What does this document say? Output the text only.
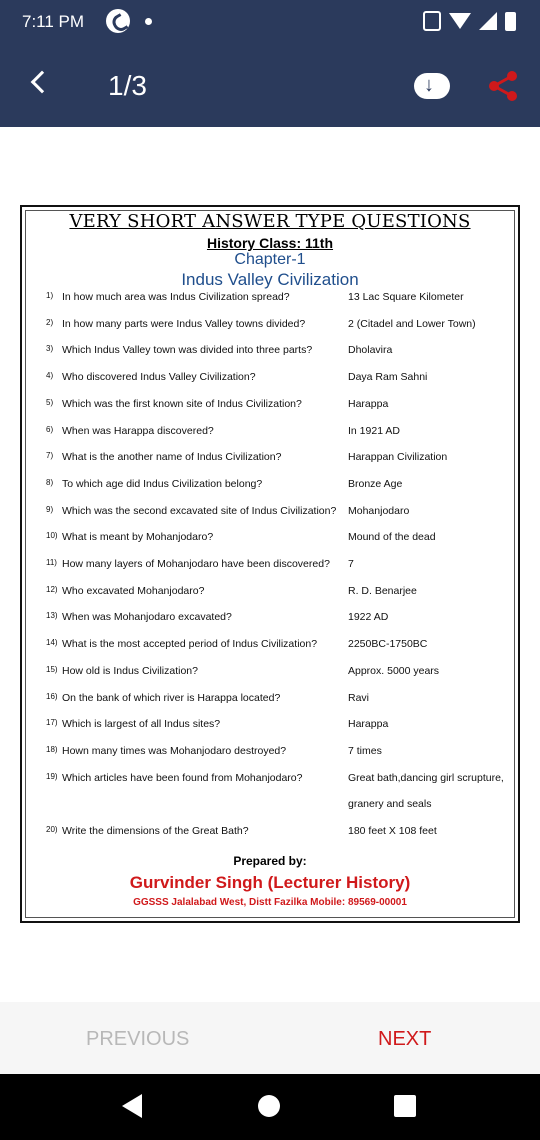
7:11 PM
1/3
↓
VERY SHORT ANSWER TYPE QUESTIONS
History Class: 11th
Chapter-1
Indus Valley Civilization
1) In how much area was Indus Civilization spread?	13 Lac Square Kilometer
2) In how many parts were Indus Valley towns divided?	2 (Citadel and Lower Town)
3) Which Indus Valley town was divided into three parts?	Dholavira
4) Who discovered Indus Valley Civilization?	Daya Ram Sahni
5) Which was the first known site of Indus Civilization?	Harappa
6) When was Harappa discovered?	In 1921 AD
7) What is the another name of Indus Civilization?	Harappan Civilization
8) To which age did Indus Civilization belong?	Bronze Age
9) Which was the second excavated site of Indus Civilization? Mohanjodaro
10) What is meant by Mohanjodaro?	Mound of the dead
11) How many layers of Mohanjodaro have been discovered? 7
12) Who excavated Mohanjodaro?	R. D. Benarjee
13) When was Mohanjodaro excavated?	1922 AD
14) What is the most accepted period of Indus Civilization?	2250BC-1750BC
15) How old is Indus Civilization?	Approx. 5000 years
16) On the bank of which river is Harappa located?	Ravi
17) Which is largest of all Indus sites?	Harappa
18) Hown many times was Mohanjodaro destroyed?	7 times
19) Which articles have been found from Mohanjodaro?	Great bath,dancing girl scrupture,
granery and seals
20) Write the dimensions of the Great Bath?	180 feet X 108 feet
Prepared by:
Gurvinder Singh (Lecturer History)
GGSSS Jalalabad West, Distt Fazilka Mobile: 89569-00001
PREVIOUS	NEXT
